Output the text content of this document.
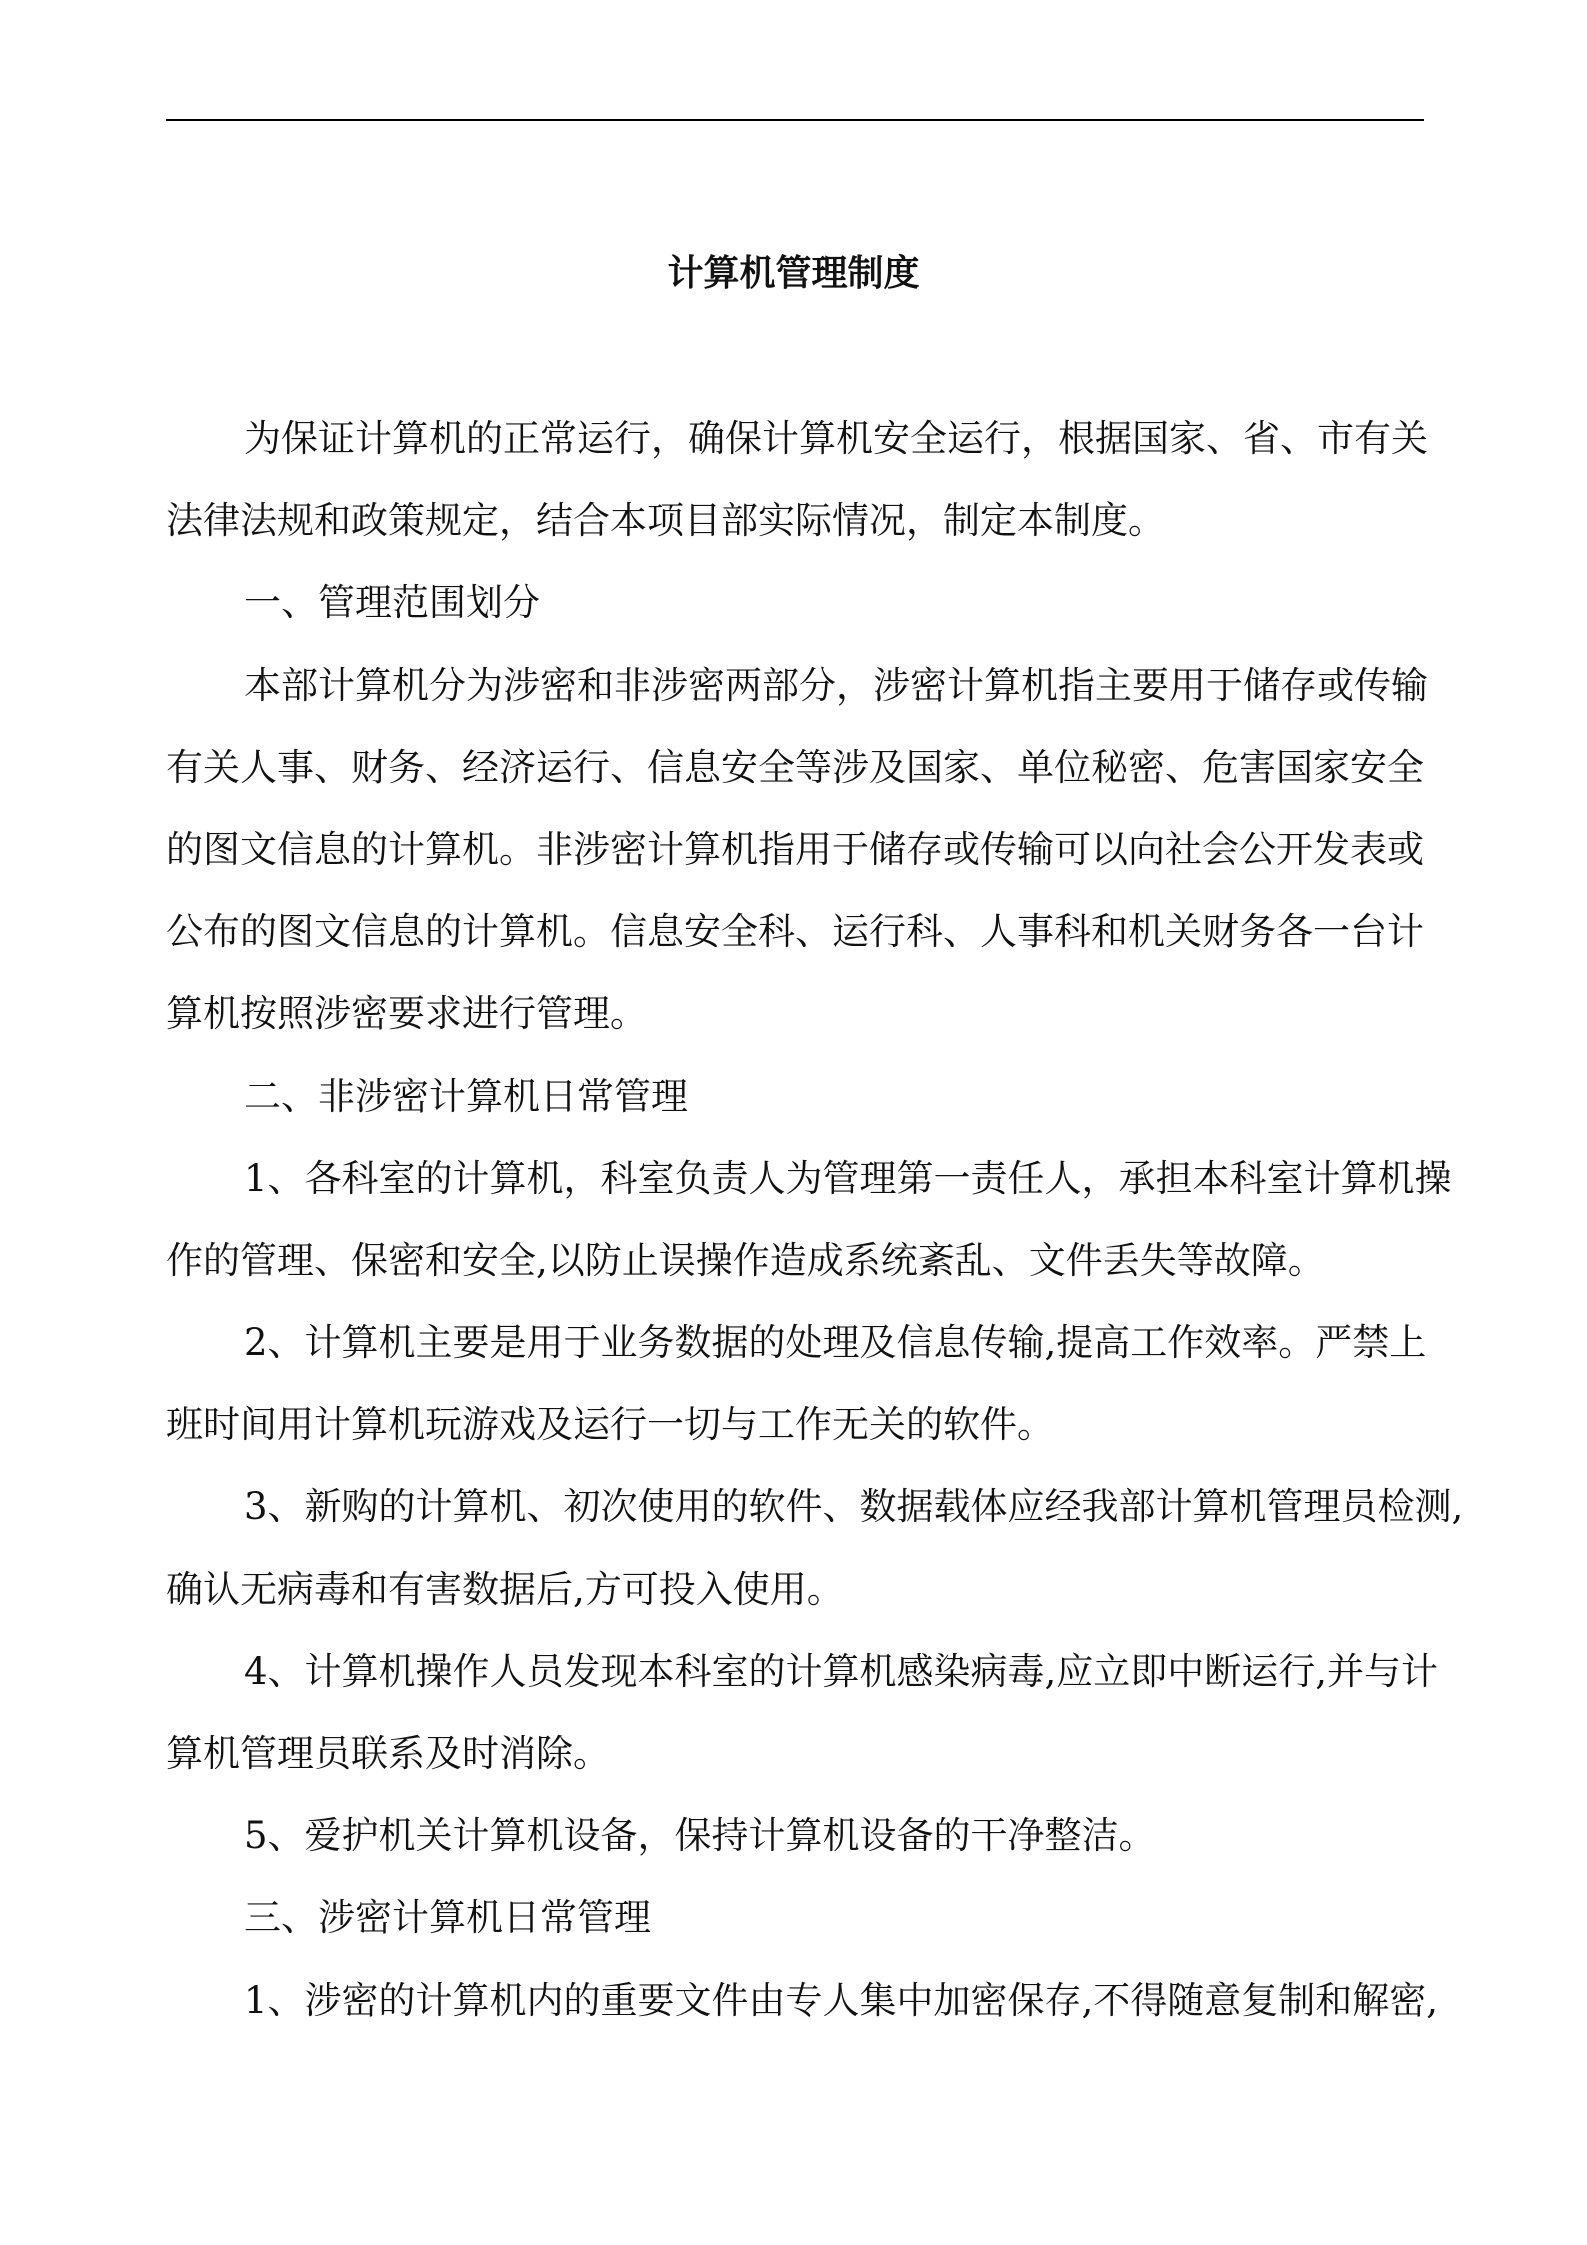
计算机管理制度
为保证计算机的正常运行，确保计算机安全运行，根据国家、省、市有关
法律法规和政策规定，结合本项目部实际情况，制定本制度。
一、管理范围划分
本部计算机分为涉密和非涉密两部分，涉密计算机指主要用于储存或传输
有关人事、财务、经济运行、信息安全等涉及国家、单位秘密、危害国家安全
的图文信息的计算机。非涉密计算机指用于储存或传输可以向社会公开发表或
公布的图文信息的计算机。信息安全科、运行科、人事科和机关财务各一台计
算机按照涉密要求进行管理。
二、非涉密计算机日常管理
1、各科室的计算机，科室负责人为管理第一责任人，承担本科室计算机操
作的管理、保密和安全,以防止误操作造成系统紊乱、文件丢失等故障。
2、计算机主要是用于业务数据的处理及信息传输,提高工作效率。严禁上
班时间用计算机玩游戏及运行一切与工作无关的软件。
3、新购的计算机、初次使用的软件、数据载体应经我部计算机管理员检测,
确认无病毒和有害数据后,方可投入使用。
4、计算机操作人员发现本科室的计算机感染病毒,应立即中断运行,并与计
算机管理员联系及时消除。
5、爱护机关计算机设备，保持计算机设备的干净整洁。
三、涉密计算机日常管理
1、涉密的计算机内的重要文件由专人集中加密保存,不得随意复制和解密,
